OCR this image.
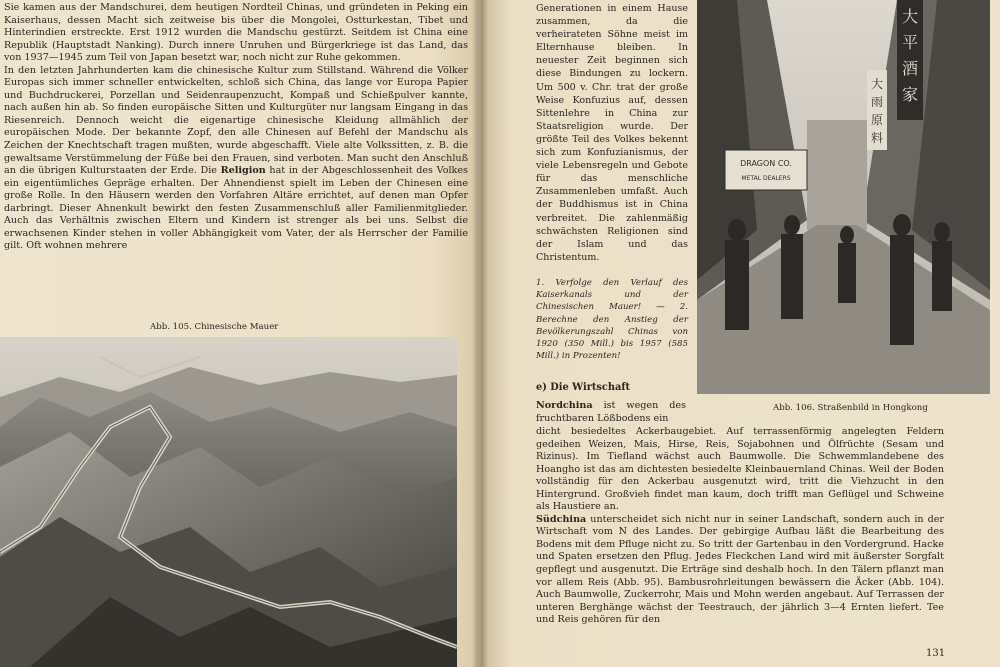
Sie kamen aus der Mandschurei, dem heutigen Nordteil Chinas, und gründeten in Peking ein Kaiserhaus, dessen Macht sich zeitweise bis über die Mongolei, Ostturkestan, Tibet und Hinterindien erstreckte. Erst 1912 wurden die Mandschu gestürzt. Seitdem ist China eine Republik (Hauptstadt Nanking). Durch innere Unruhen und Bürgerkriege ist das Land, das von 1937—1945 zum Teil von Japan besetzt war, noch nicht zur Ruhe gekommen.

In den letzten Jahrhunderten kam die chinesische Kultur zum Stillstand. Während die Völker Europas sich immer schneller entwickelten, schloß sich China, das lange vor Europa Papier und Buchdruckerei, Porzellan und Seidenraupenzucht, Kompaß und Schießpulver kannte, nach außen hin ab. So finden europäische Sitten und Kulturgüter nur langsam Eingang in das Riesenreich. Dennoch weicht die eigenartige chinesische Kleidung allmählich der europäischen Mode. Der bekannte Zopf, den alle Chinesen auf Befehl der Mandschu als Zeichen der Knechtschaft tragen mußten, wurde abgeschafft. Viele alte Volkssitten, z. B. die gewaltsame Verstümmelung der Füße bei den Frauen, sind verboten. Man sucht den Anschluß an die übrigen Kulturstaaten der Erde. Die Religion hat in der Abgeschlossenheit des Volkes ein eigentümliches Gepräge erhalten. Der Ahnendienst spielt im Leben der Chinesen eine große Rolle. In den Häusern werden den Vorfahren Altäre errichtet, auf denen man Opfer darbringt. Dieser Ahnenkult bewirkt den festen Zusammenschluß aller Familienmitglieder. Auch das Verhältnis zwischen Eltern und Kindern ist strenger als bei uns. Selbst die erwachsenen Kinder stehen in voller Abhängigkeit vom Vater, der als Herrscher der Familie gilt. Oft wohnen mehrere

Abb. 105. Chinesische Mauer
Generationen in einem Hause zusammen, da die verheirateten Söhne meist im Elternhause bleiben. In neuester Zeit beginnen sich diese Bindungen zu lockern. Um 500 v. Chr. trat der große Weise Konfuzius auf, dessen Sittenlehre in China zur Staatsreligion wurde. Der größte Teil des Volkes bekennt sich zum Konfuzianismus, der viele Lebensregeln und Gebote für das menschliche Zusammenleben umfaßt. Auch der Buddhismus ist in China verbreitet. Die zahlenmäßig schwächsten Religionen sind der Islam und das Christentum.
1. Verfolge den Verlauf des Kaiserkanals und der Chinesischen Mauer! — 2. Berechne den Anstieg der Bevölkerungszahl Chinas von 1920 (350 Mill.) bis 1957 (585 Mill.) in Prozenten!
e) Die Wirtschaft
Nordchina ist wegen des fruchtbaren Lößbodens ein
Abb. 106. Straßenbild in Hongkong

dicht besiedeltes Ackerbaugebiet. Auf terrassenförmig angelegten Feldern gedeihen Weizen, Mais, Hirse, Reis, Sojabohnen und Ölfrüchte (Sesam und Rizinus). Im Tiefland wächst auch Baumwolle. Die Schwemmlandebene des Hoangho ist das am dichtesten besiedelte Kleinbauernland Chinas. Weil der Boden vollständig für den Ackerbau ausgenutzt wird, tritt die Viehzucht in den Hintergrund. Großvieh findet man kaum, doch trifft man Geflügel und Schweine als Haustiere an.

Südchina unterscheidet sich nicht nur in seiner Landschaft, sondern auch in der Wirtschaft vom N des Landes. Der gebirgige Aufbau läßt die Bearbeitung des Bodens mit dem Pfluge nicht zu. So tritt der Gartenbau in den Vordergrund. Hacke und Spaten ersetzen den Pflug. Jedes Fleckchen Land wird mit äußerster Sorgfalt gepflegt und ausgenutzt. Die Erträge sind deshalb hoch. In den Tälern pflanzt man vor allem Reis (Abb. 95). Bambusrohrleitungen bewässern die Äcker (Abb. 104). Auch Baumwolle, Zuckerrohr, Mais und Mohn werden angebaut. Auf Terrassen der unteren Berghänge wächst der Teestrauch, der jährlich 3—4 Ernten liefert. Tee und Reis gehören für den

大
平
酒
家
大
雨
原
料
DRAGON CO.
METAL DEALERS
131
